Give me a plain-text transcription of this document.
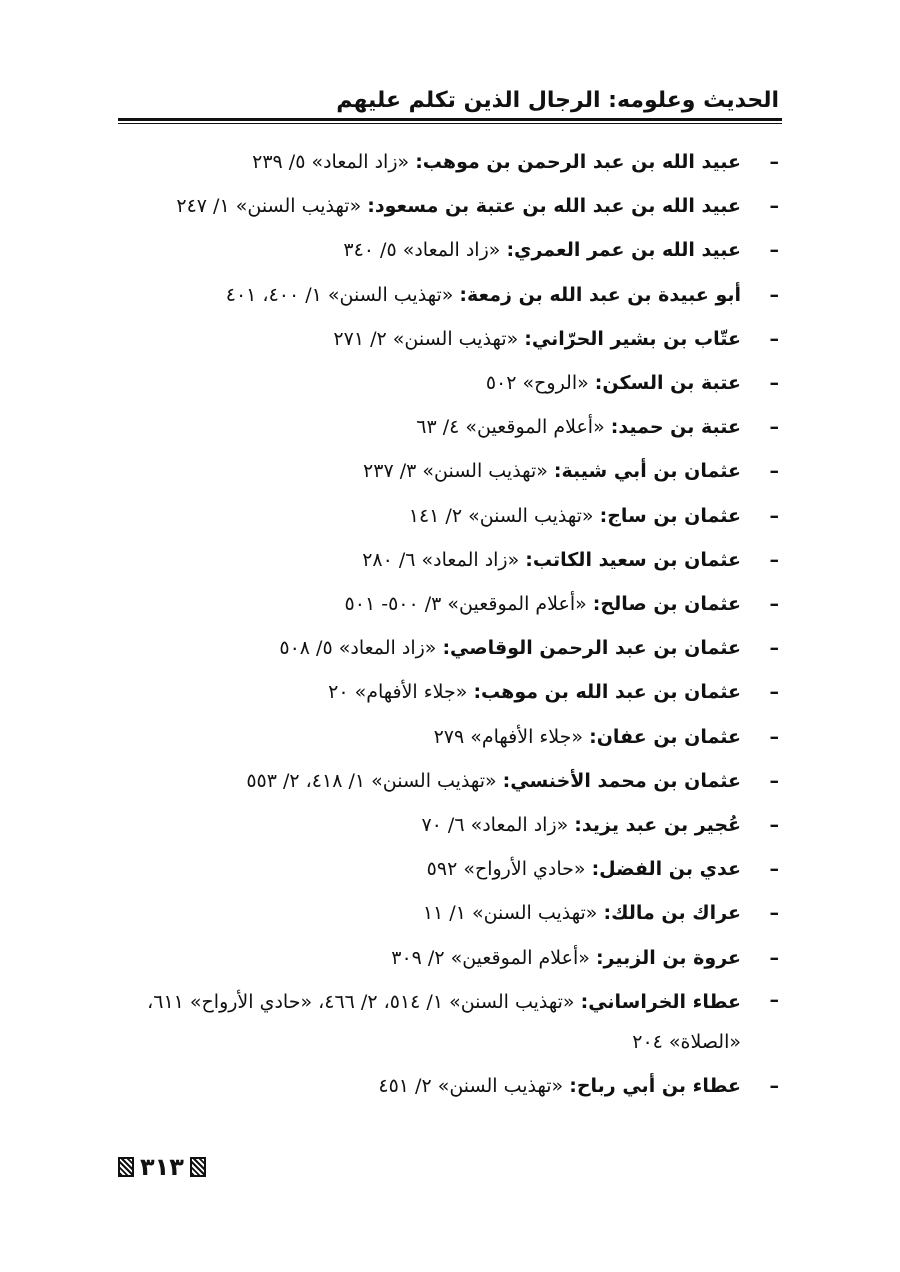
الحديث وعلومه: الرجال الذين تكلم عليهم
–
عبيد الله بن عبد الرحمن بن موهب: «زاد المعاد» ٥/ ٢٣٩
–
عبيد الله بن عبد الله بن عتبة بن مسعود: «تهذيب السنن» ١/ ٢٤٧
–
عبيد الله بن عمر العمري: «زاد المعاد» ٥/ ٣٤٠
–
أبو عبيدة بن عبد الله بن زمعة: «تهذيب السنن» ١/ ٤٠٠، ٤٠١
–
عتّاب بن بشير الحرّاني: «تهذيب السنن» ٢/ ٢٧١
–
عتبة بن السكن: «الروح» ٥٠٢
–
عتبة بن حميد: «أعلام الموقعين» ٤/ ٦٣
–
عثمان بن أبي شيبة: «تهذيب السنن» ٣/ ٢٣٧
–
عثمان بن ساج: «تهذيب السنن» ٢/ ١٤١
–
عثمان بن سعيد الكاتب: «زاد المعاد» ٦/ ٢٨٠
–
عثمان بن صالح: «أعلام الموقعين» ٣/ ٥٠٠- ٥٠١
–
عثمان بن عبد الرحمن الوقاصي: «زاد المعاد» ٥/ ٥٠٨
–
عثمان بن عبد الله بن موهب: «جلاء الأفهام» ٢٠
–
عثمان بن عفان: «جلاء الأفهام» ٢٧٩
–
عثمان بن محمد الأخنسي: «تهذيب السنن» ١/ ٤١٨، ٢/ ٥٥٣
–
عُجير بن عبد يزيد: «زاد المعاد» ٦/ ٧٠
–
عدي بن الفضل: «حادي الأرواح» ٥٩٢
–
عراك بن مالك: «تهذيب السنن» ١/ ١١
–
عروة بن الزبير: «أعلام الموقعين» ٢/ ٣٠٩
–
عطاء الخراساني: «تهذيب السنن» ١/ ٥١٤، ٢/ ٤٦٦، «حادي الأرواح» ٦١١، «الصلاة» ٢٠٤
–
عطاء بن أبي رباح: «تهذيب السنن» ٢/ ٤٥١
٣١٣
